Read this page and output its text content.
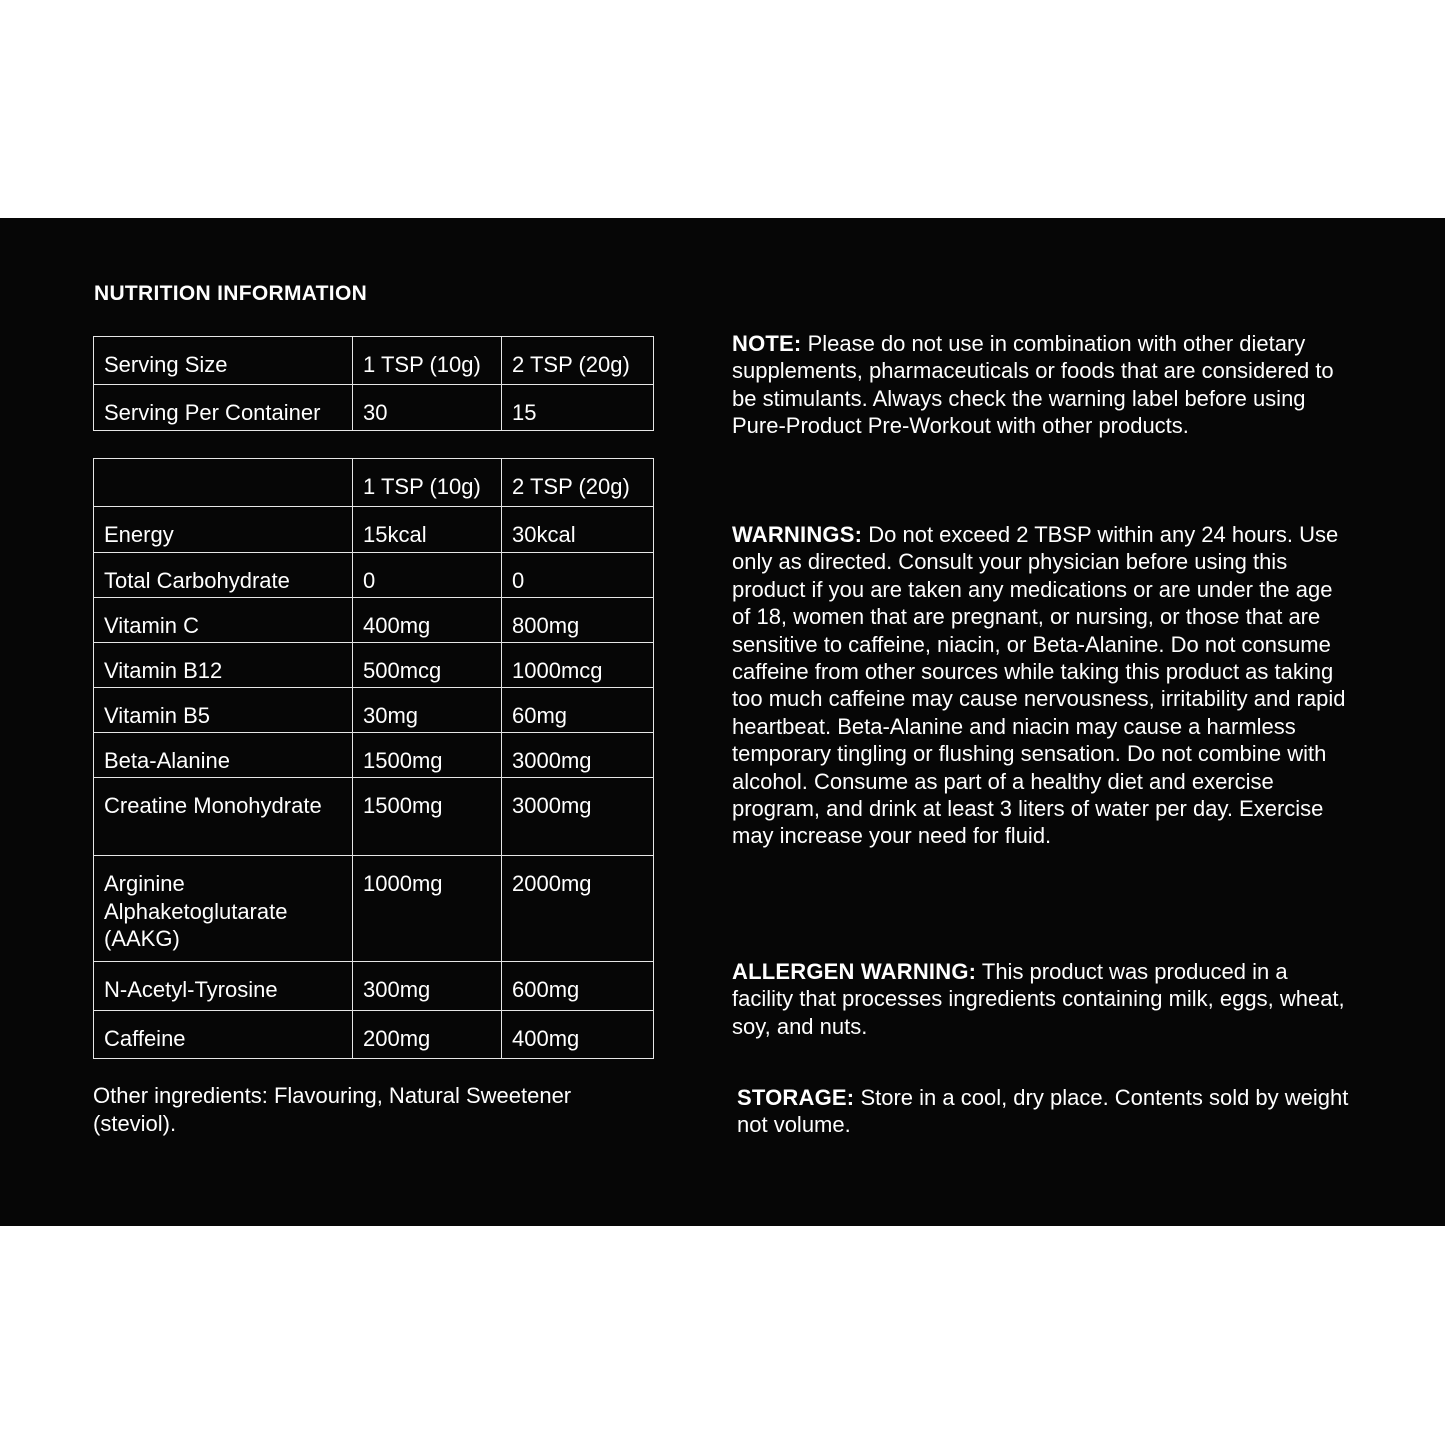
NUTRITION INFORMATION
Serving Size	1 TSP (10g)	2 TSP (20g)
Serving Per Container	30	15
	1 TSP (10g)	2 TSP (20g)
Energy	15kcal	30kcal
Total Carbohydrate	0	0
Vitamin C	400mg	800mg
Vitamin B12	500mcg	1000mcg
Vitamin B5	30mg	60mg
Beta-Alanine	1500mg	3000mg
Creatine Monohydrate	1500mg	3000mg
Arginine Alphaketoglutarate (AAKG)	1000mg	2000mg
N-Acetyl-Tyrosine	300mg	600mg
Caffeine	200mg	400mg

Other ingredients: Flavouring, Natural Sweetener (steviol).

NOTE: Please do not use in combination with other dietary supplements, pharmaceuticals or foods that are considered to be stimulants. Always check the warning label before using Pure-Product Pre-Workout with other products.

WARNINGS: Do not exceed 2 TBSP within any 24 hours. Use only as directed. Consult your physician before using this product if you are taken any medications or are under the age of 18, women that are pregnant, or nursing, or those that are sensitive to caffeine, niacin, or Beta-Alanine. Do not consume caffeine from other sources while taking this product as taking too much caffeine may cause nervousness, irritability and rapid heartbeat. Beta-Alanine and niacin may cause a harmless temporary tingling or flushing sensation. Do not combine with alcohol. Consume as part of a healthy diet and exercise program, and drink at least 3 liters of water per day. Exercise may increase your need for fluid.

ALLERGEN WARNING: This product was produced in a facility that processes ingredients containing milk, eggs, wheat, soy, and nuts.

STORAGE: Store in a cool, dry place. Contents sold by weight not volume.
